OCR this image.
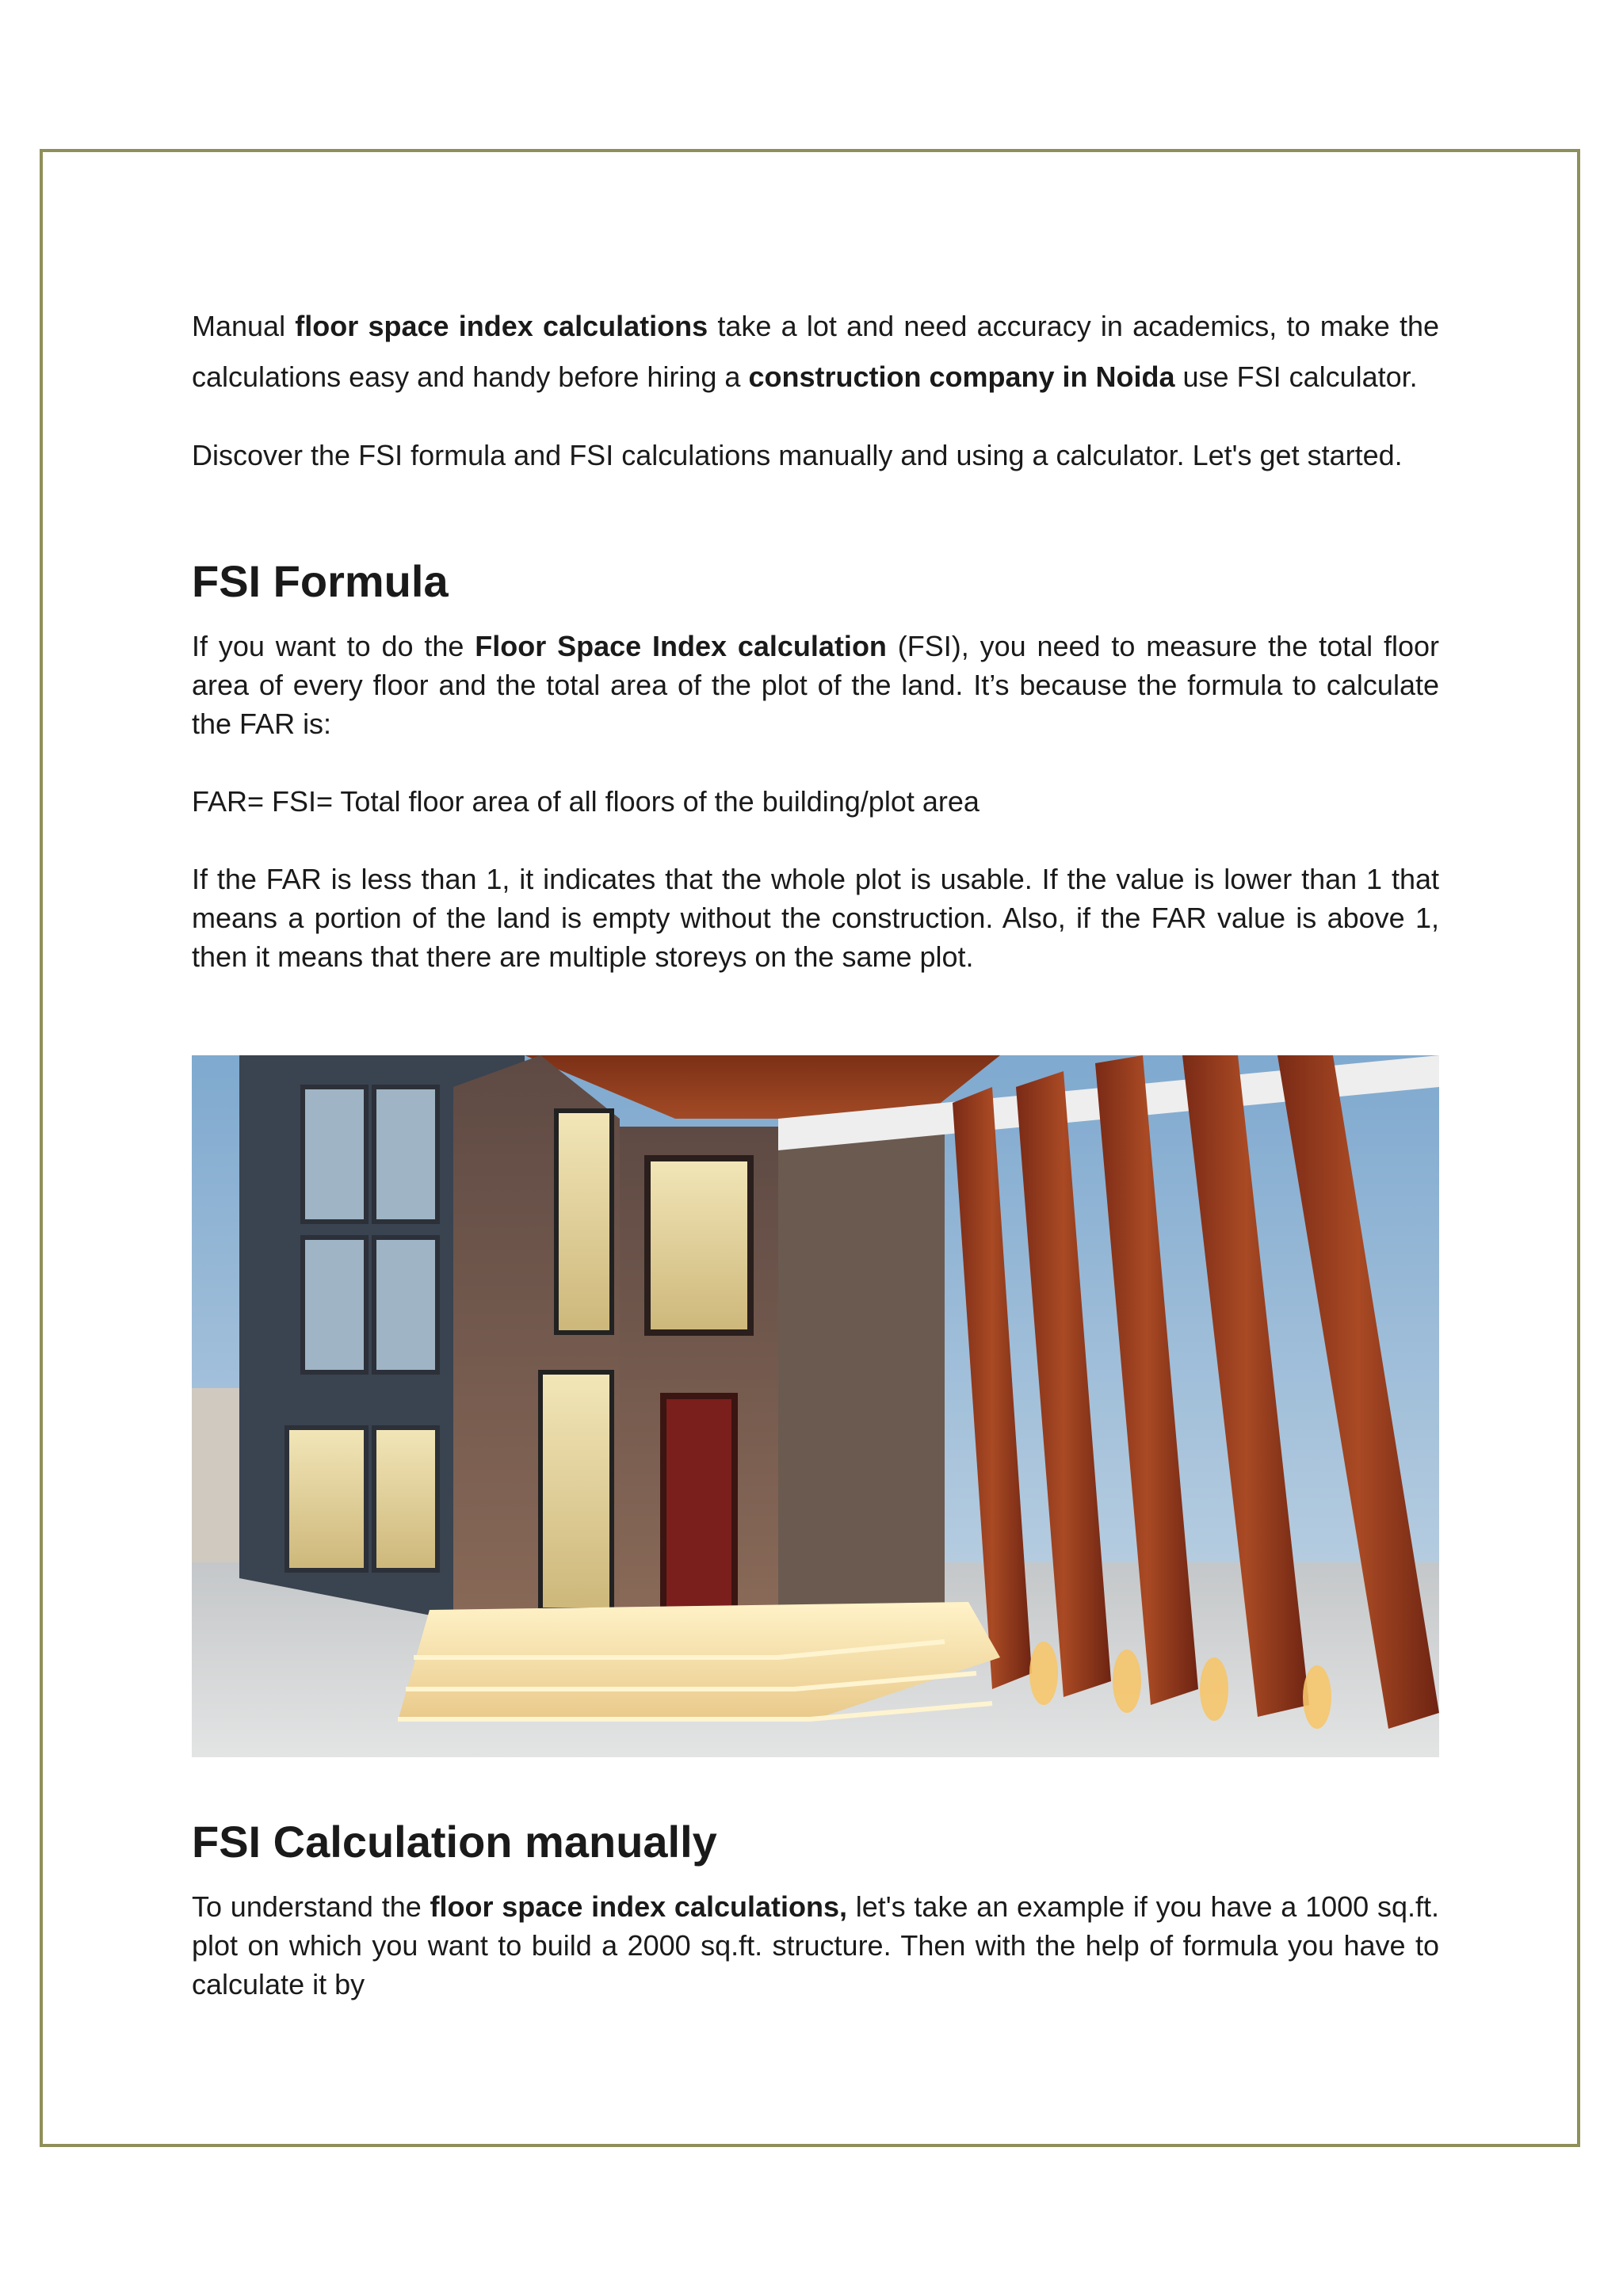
Manual floor space index calculations take a lot and need accuracy in academics, to make the calculations easy and handy before hiring a construction company in Noida use FSI calculator.

Discover the FSI formula and FSI calculations manually and using a calculator. Let's get started.

FSI Formula

If you want to do the Floor Space Index calculation (FSI), you need to measure the total floor area of every floor and the total area of the plot of the land. It’s because the formula to calculate the FAR is:

FAR= FSI= Total floor area of all floors of the building/plot area

If the FAR is less than 1, it indicates that the whole plot is usable. If the value is lower than 1 that means a portion of the land is empty without the construction. Also, if the FAR value is above 1, then it means that there are multiple storeys on the same plot.

FSI Calculation manually

To understand the floor space index calculations, let's take an example if you have a 1000 sq.ft. plot on which you want to build a 2000 sq.ft. structure. Then with the help of formula you have to calculate it by
